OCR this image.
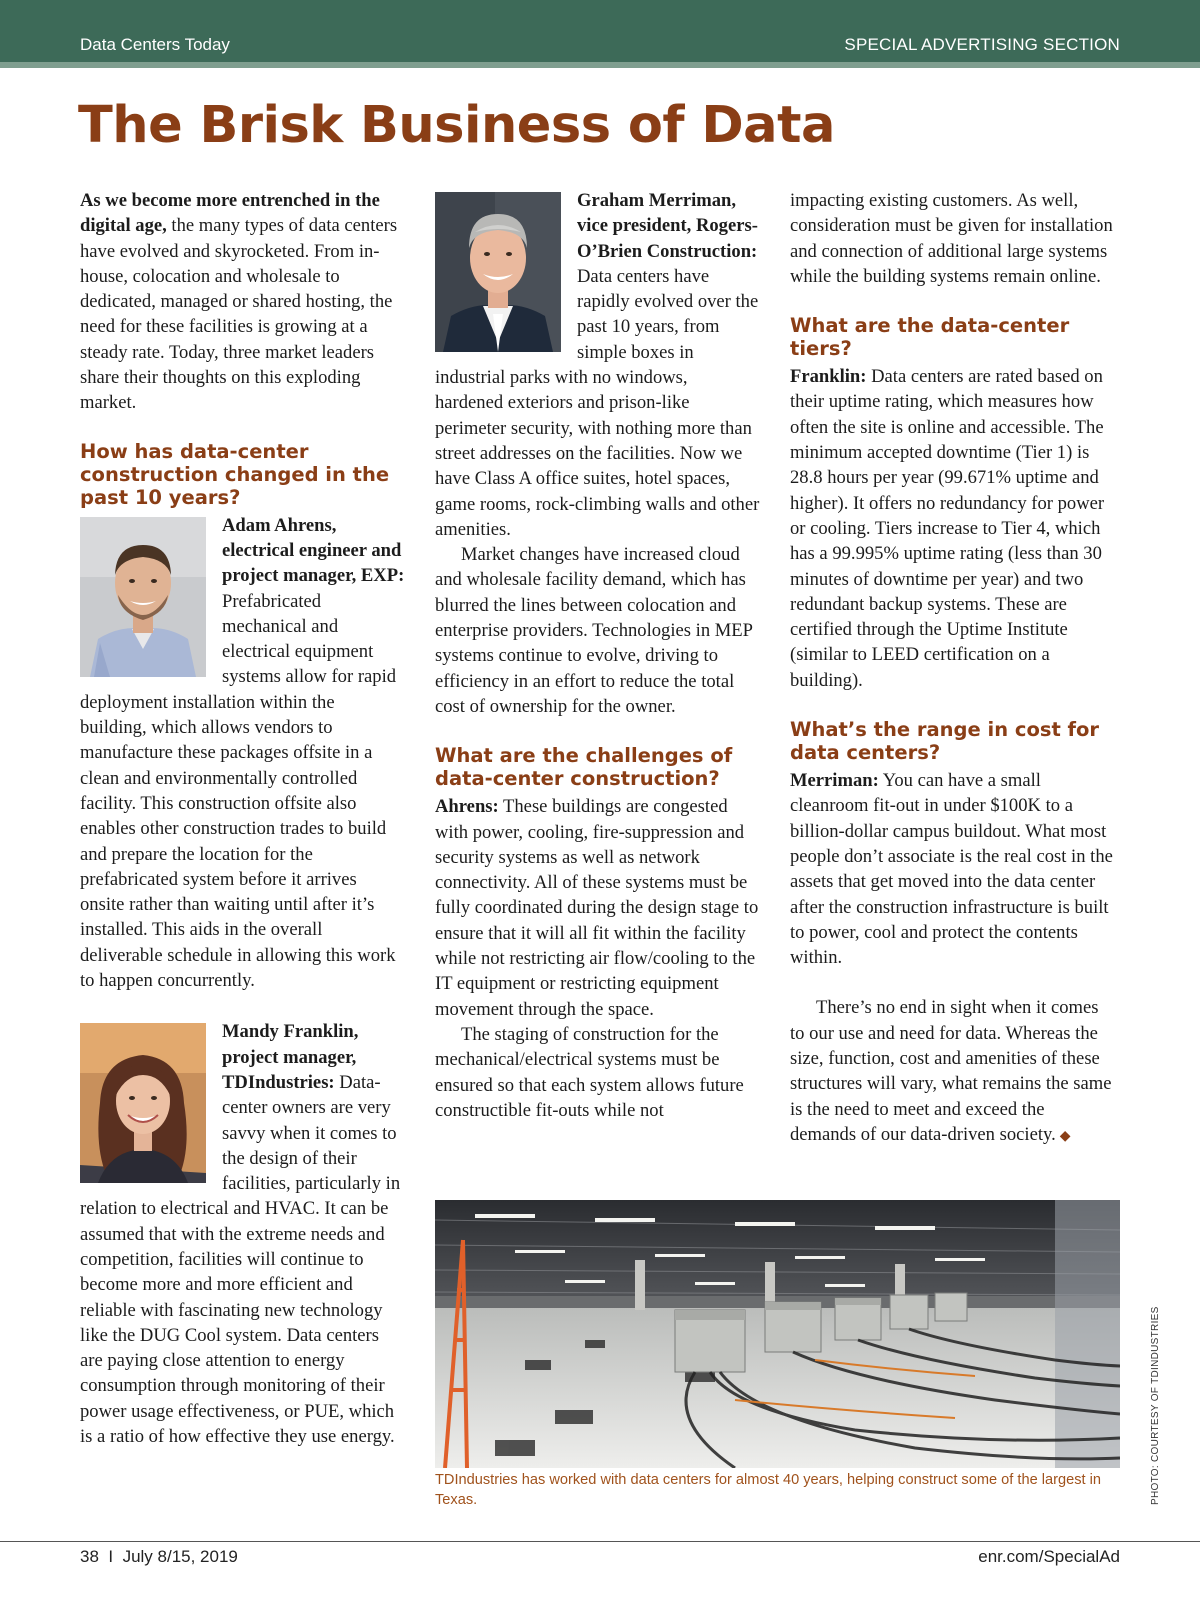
Data Centers Today	SPECIAL ADVERTISING SECTION
The Brisk Business of Data

As we become more entrenched in the digital age, the many types of data centers have evolved and skyrocketed. From in-house, colocation and wholesale to dedicated, managed or shared hosting, the need for these facilities is growing at a steady rate. Today, three market leaders share their thoughts on this exploding market.

How has data-center construction changed in the past 10 years?

Adam Ahrens, electrical engineer and project manager, EXP: Prefabricated mechanical and electrical equipment systems allow for rapid deployment installation within the building, which allows vendors to manufacture these packages offsite in a clean and environmentally controlled facility. This construction offsite also enables other construction trades to build and prepare the location for the prefabricated system before it arrives onsite rather than waiting until after it’s installed. This aids in the overall deliverable schedule in allowing this work to happen concurrently.

Mandy Franklin, project manager, TDIndustries: Data-center owners are very savvy when it comes to the design of their facilities, particularly in relation to electrical and HVAC. It can be assumed that with the extreme needs and competition, facilities will continue to become more and more efficient and reliable with fascinating new technology like the DUG Cool system. Data centers are paying close attention to energy consumption through monitoring of their power usage effectiveness, or PUE, which is a ratio of how effective they use energy.

Graham Merriman, vice president, Rogers-O’Brien Construction: Data centers have rapidly evolved over the past 10 years, from simple boxes in industrial parks with no windows, hardened exteriors and prison-like perimeter security, with nothing more than street addresses on the facilities. Now we have Class A office suites, hotel spaces, game rooms, rock-climbing walls and other amenities.

Market changes have increased cloud and wholesale facility demand, which has blurred the lines between colocation and enterprise providers. Technologies in MEP systems continue to evolve, driving to efficiency in an effort to reduce the total cost of ownership for the owner.

What are the challenges of data-center construction?

Ahrens: These buildings are congested with power, cooling, fire-suppression and security systems as well as network connectivity. All of these systems must be fully coordinated during the design stage to ensure that it will all fit within the facility while not restricting air flow/cooling to the IT equipment or restricting equipment movement through the space.

The staging of construction for the mechanical/electrical systems must be ensured so that each system allows future constructible fit-outs while not

impacting existing customers. As well, consideration must be given for installation and connection of additional large systems while the building systems remain online.

What are the data-center tiers?

Franklin: Data centers are rated based on their uptime rating, which measures how often the site is online and accessible. The minimum accepted downtime (Tier 1) is 28.8 hours per year (99.671% uptime and higher). It offers no redundancy for power or cooling. Tiers increase to Tier 4, which has a 99.995% uptime rating (less than 30 minutes of downtime per year) and two redundant backup systems. These are certified through the Uptime Institute (similar to LEED certification on a building).

What’s the range in cost for data centers?

Merriman: You can have a small cleanroom fit-out in under $100K to a billion-dollar campus buildout. What most people don’t associate is the real cost in the assets that get moved into the data center after the construction infrastructure is built to power, cool and protect the contents within.

There’s no end in sight when it comes to our use and need for data. Whereas the size, function, cost and amenities of these structures will vary, what remains the same is the need to meet and exceed the demands of our data-driven society. ◆

TDIndustries has worked with data centers for almost 40 years, helping construct some of the largest in Texas.	PHOTO: COURTESY OF TDINDUSTRIES
38 I July 8/15, 2019	enr.com/SpecialAd
